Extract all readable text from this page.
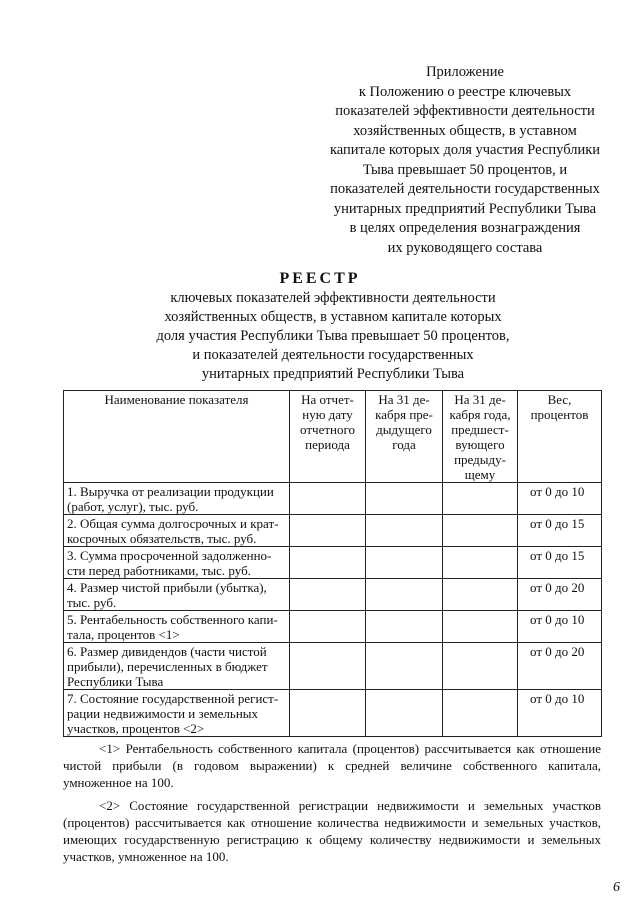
Приложение
к Положению о реестре ключевых
показателей эффективности деятельности
хозяйственных обществ, в уставном
капитале которых доля участия Республики
Тыва превышает 50 процентов, и
показателей деятельности государственных
унитарных предприятий Республики Тыва
в целях определения вознаграждения
их руководящего состава
РЕЕСТР
ключевых показателей эффективности деятельности
хозяйственных обществ, в уставном капитале которых
доля участия Республики Тыва превышает 50 процентов,
и показателей деятельности государственных
унитарных предприятий Республики Тыва
Наименование показателя	На отчет-ную дату отчетного периода	На 31 де-кабря пре-дыдущего года	На 31 де-кабря года, предшест-вующего предыду-щему	Вес, процентов
1. Выручка от реализации продукции (работ, услуг), тыс. руб.				от 0 до 10
2. Общая сумма долгосрочных и крат-косрочных обязательств, тыс. руб.				от 0 до 15
3. Сумма просроченной задолженно-сти перед работниками, тыс. руб.				от 0 до 15
4. Размер чистой прибыли (убытка), тыс. руб.				от 0 до 20
5. Рентабельность собственного капи-тала, процентов <1>				от 0 до 10
6. Размер дивидендов (части чистой прибыли), перечисленных в бюджет Республики Тыва				от 0 до 20
7. Состояние государственной регист-рации недвижимости и земельных участков, процентов <2>				от 0 до 10

<1> Рентабельность собственного капитала (процентов) рассчитывается как отношение чистой прибыли (в годовом выражении) к средней величине собственного капитала, умноженное на 100.

<2> Состояние государственной регистрации недвижимости и земельных участков (процентов) рассчитывается как отношение количества недвижимости и земельных участков, имеющих государственную регистрацию к общему количеству недвижимости и земельных участков, умноженное на 100.

6
